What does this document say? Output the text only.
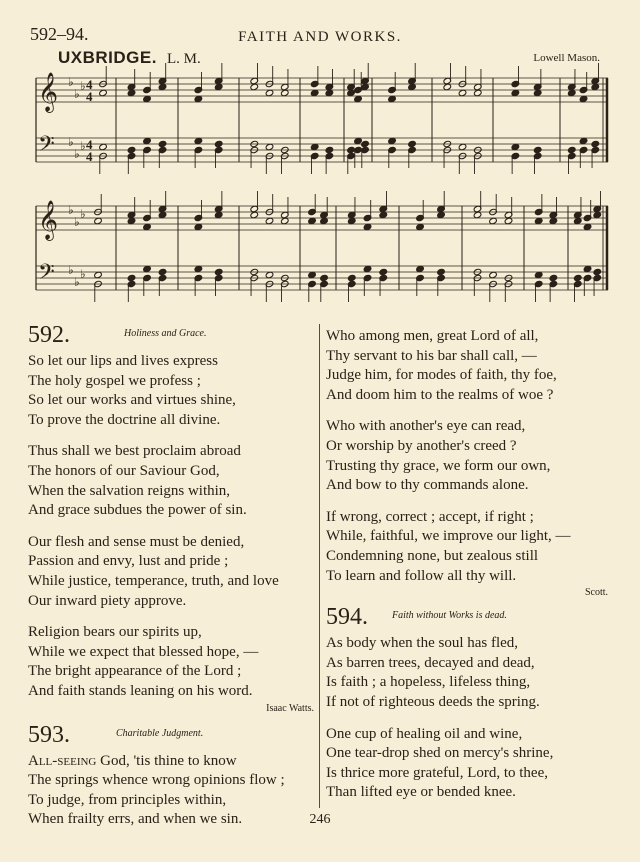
592–94.	FAITH AND WORKS.
UXBRIDGE. L. M.	Lowell Mason.
𝄞 ♭
♭
♭ 4
4
𝄢 ♭
♭
♭ 4
4
𝄞 ♭
♭
♭
𝄢 ♭
♭
♭
592.	Holiness and Grace.
So let our lips and lives express
The holy gospel we profess ;
So let our works and virtues shine,
To prove the doctrine all divine.
Thus shall we best proclaim abroad
The honors of our Saviour God,
When the salvation reigns within,
And grace subdues the power of sin.
Our flesh and sense must be denied,
Passion and envy, lust and pride ;
While justice, temperance, truth, and love
Our inward piety approve.
Religion bears our spirits up,
While we expect that blessed hope, —
The bright appearance of the Lord ;
And faith stands leaning on his word.
Isaac Watts.
593.	Charitable Judgment.
All-seeing God, 'tis thine to know
The springs whence wrong opinions flow ;
To judge, from principles within,
When frailty errs, and when we sin.
Who among men, great Lord of all,
Thy servant to his bar shall call, —
Judge him, for modes of faith, thy foe,
And doom him to the realms of woe ?
Who with another's eye can read,
Or worship by another's creed ?
Trusting thy grace, we form our own,
And bow to thy commands alone.
If wrong, correct ; accept, if right ;
While, faithful, we improve our light, —
Condemning none, but zealous still
To learn and follow all thy will.
Scott.
594. Faith without Works is dead.
As body when the soul has fled,
As barren trees, decayed and dead,
Is faith ; a hopeless, lifeless thing,
If not of righteous deeds the spring.
One cup of healing oil and wine,
One tear-drop shed on mercy's shrine,
Is thrice more grateful, Lord, to thee,
Than lifted eye or bended knee.
246
